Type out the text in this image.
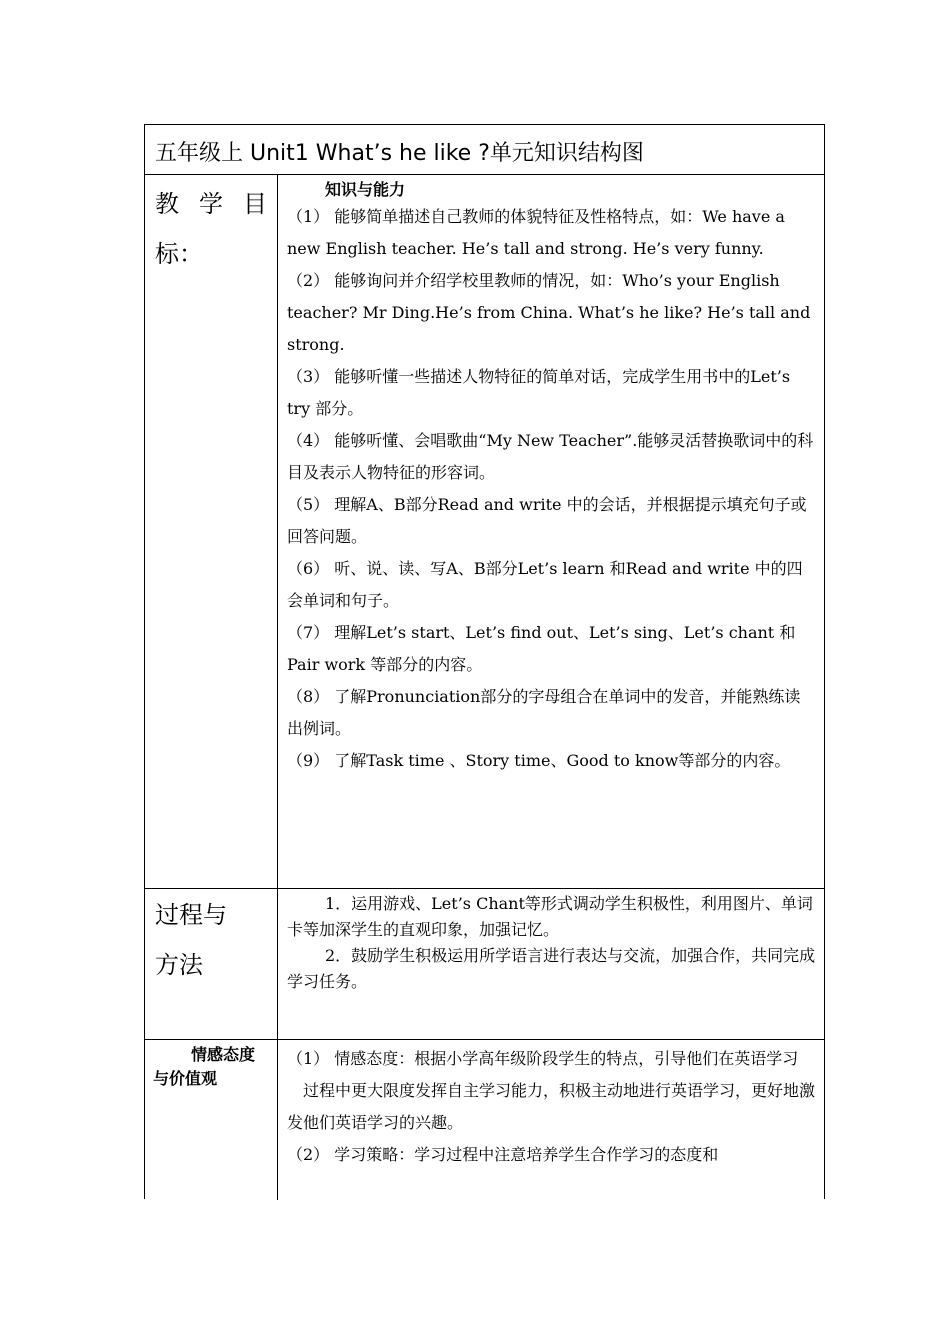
五年级上 Unit1 What’s he like ?单元知识结构图
教 学 目
标：
知识与能力

（1） 能够简单描述自己教师的体貌特征及性格特点，如：We have a new English teacher. He’s tall and strong. He’s very funny.

（2） 能够询问并介绍学校里教师的情况，如：Who’s your English teacher? Mr Ding.He’s from China. What’s he like? He’s tall and strong.

（3） 能够听懂一些描述人物特征的简单对话，完成学生用书中的Let’s try 部分。

（4） 能够听懂、会唱歌曲“My New Teacher”.能够灵活替换歌词中的科目及表示人物特征的形容词。

（5） 理解A、B部分Read and write 中的会话，并根据提示填充句子或 回答问题。

（6） 听、说、读、写A、B部分Let’s learn 和Read and write 中的四 会单词和句子。

（7） 理解Let’s start、Let’s find out、Let’s sing、Let’s chant 和Pair work 等部分的内容。

（8） 了解Pronunciation部分的字母组合在单词中的发音，并能熟练读 出例词。

（9） 了解Task time 、Story time、Good to know等部分的内容。

过程与
方法

1．运用游戏、Let’s Chant等形式调动学生积极性，利用图片、单词卡等加深学生的直观印象，加强记忆。

2．鼓励学生积极运用所学语言进行表达与交流，加强合作，共同完成学习任务。

情感态度
与价值观

（1） 情感态度：根据小学高年级阶段学生的特点，引导他们在英语学习

过程中更大限度发挥自主学习能力，积极主动地进行英语学习，更好地激发他们英语学习的兴趣。

（2） 学习策略：学习过程中注意培养学生合作学习的态度和
